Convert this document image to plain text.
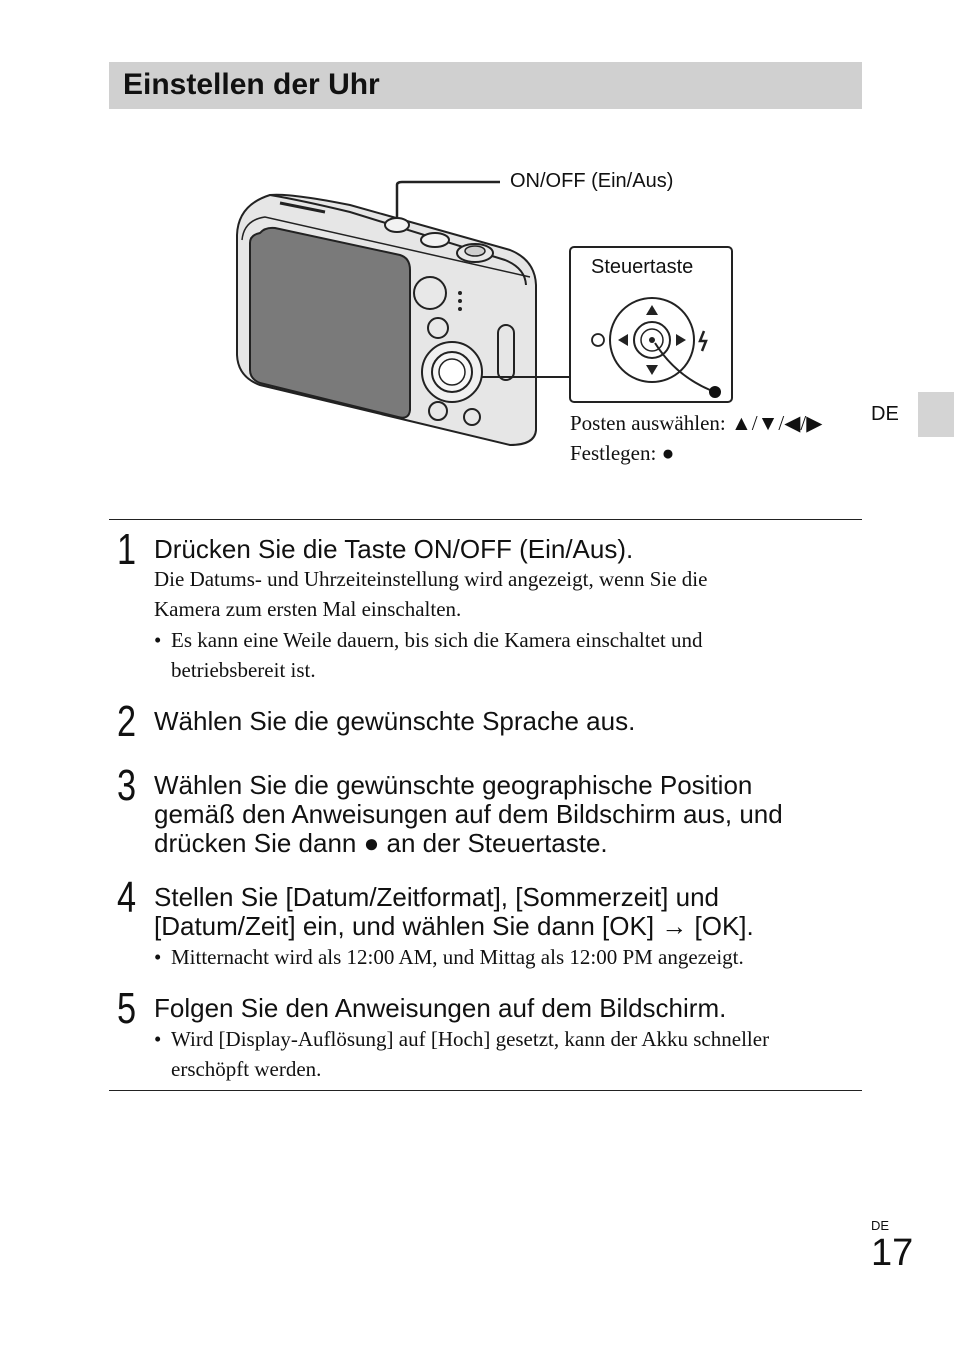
Einstellen der Uhr
DE
ON/OFF (Ein/Aus)
Steuertaste
Posten auswählen: ▲/▼/◀/▶
Festlegen: ●
1 Drücken Sie die Taste ON/OFF (Ein/Aus).
Die Datums- und Uhrzeiteinstellung wird angezeigt, wenn Sie die
Kamera zum ersten Mal einschalten.
• Es kann eine Weile dauern, bis sich die Kamera einschaltet und
betriebsbereit ist.
2 Wählen Sie die gewünschte Sprache aus.
3 Wählen Sie die gewünschte geographische Position
gemäß den Anweisungen auf dem Bildschirm aus, und
drücken Sie dann ● an der Steuertaste.
4 Stellen Sie [Datum/Zeitformat], [Sommerzeit] und
[Datum/Zeit] ein, und wählen Sie dann [OK] → [OK].
• Mitternacht wird als 12:00 AM, und Mittag als 12:00 PM angezeigt.
5 Folgen Sie den Anweisungen auf dem Bildschirm.
• Wird [Display-Auflösung] auf [Hoch] gesetzt, kann der Akku schneller
erschöpft werden.
DE
17
